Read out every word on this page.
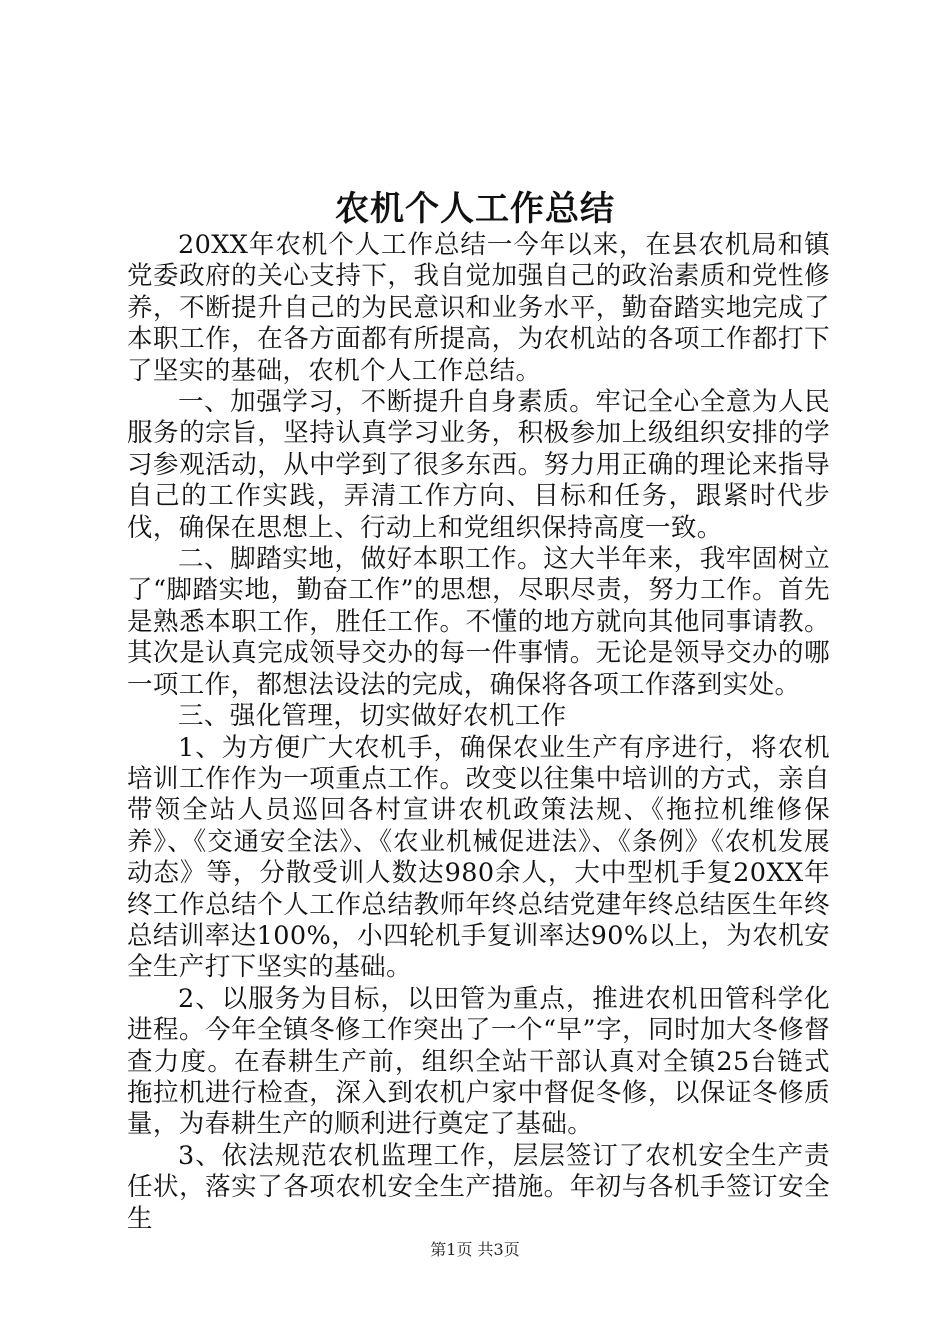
农机个人工作总结

20XX年农机个人工作总结一今年以来，在县农机局和镇党委政府的关心支持下，我自觉加强自己的政治素质和党性修养，不断提升自己的为民意识和业务水平，勤奋踏实地完成了本职工作，在各方面都有所提高，为农机站的各项工作都打下了坚实的基础，农机个人工作总结。

一、加强学习，不断提升自身素质。牢记全心全意为人民服务的宗旨，坚持认真学习业务，积极参加上级组织安排的学习参观活动，从中学到了很多东西。努力用正确的理论来指导自己的工作实践，弄清工作方向、目标和任务，跟紧时代步伐，确保在思想上、行动上和党组织保持高度一致。

二、脚踏实地，做好本职工作。这大半年来，我牢固树立了“脚踏实地，勤奋工作”的思想，尽职尽责，努力工作。首先是熟悉本职工作，胜任工作。不懂的地方就向其他同事请教。其次是认真完成领导交办的每一件事情。无论是领导交办的哪一项工作，都想法设法的完成，确保将各项工作落到实处。

三、强化管理，切实做好农机工作

1、为方便广大农机手，确保农业生产有序进行，将农机培训工作作为一项重点工作。改变以往集中培训的方式，亲自带领全站人员巡回各村宣讲农机政策法规、《拖拉机维修保养》、《交通安全法》、《农业机械促进法》、《条例》《农机发展动态》等，分散受训人数达980余人，大中型机手复20XX年终工作总结个人工作总结教师年终总结党建年终总结医生年终总结训率达100%，小四轮机手复训率达90%以上，为农机安全生产打下坚实的基础。

2、以服务为目标，以田管为重点，推进农机田管科学化进程。今年全镇冬修工作突出了一个“早”字，同时加大冬修督查力度。在春耕生产前，组织全站干部认真对全镇25台链式拖拉机进行检查，深入到农机户家中督促冬修，以保证冬修质量，为春耕生产的顺利进行奠定了基础。

3、依法规范农机监理工作，层层签订了农机安全生产责任状，落实了各项农机安全生产措施。年初与各机手签订安全生

第1页 共3页
